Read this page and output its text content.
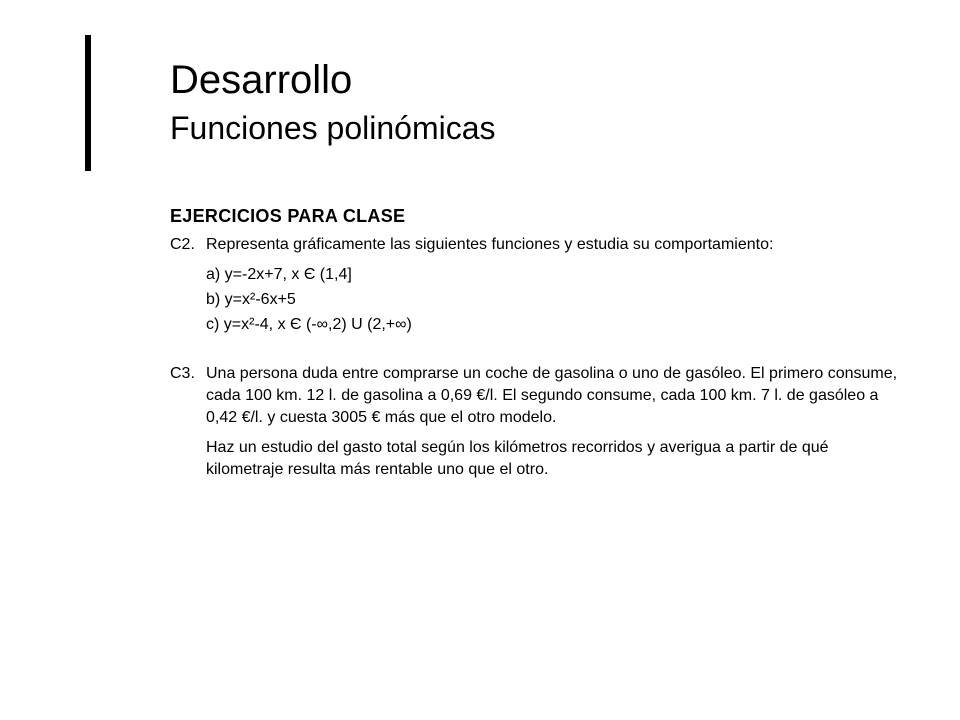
Desarrollo
Funciones polinómicas
EJERCICIOS PARA CLASE
C2. Representa gráficamente las siguientes funciones y estudia su comportamiento:

a) y=-2x+7, x Є (1,4]
b) y=x²-6x+5
c) y=x²-4, x Є (-∞,2) U (2,+∞)
C3. Una persona duda entre comprarse un coche de gasolina o uno de gasóleo. El primero consume, cada 100 km. 12 l. de gasolina a 0,69 €/l. El segundo consume, cada 100 km. 7 l. de gasóleo a 0,42 €/l. y cuesta 3005 € más que el otro modelo.

Haz un estudio del gasto total según los kilómetros recorridos y averigua a partir de qué kilometraje resulta más rentable uno que el otro.
